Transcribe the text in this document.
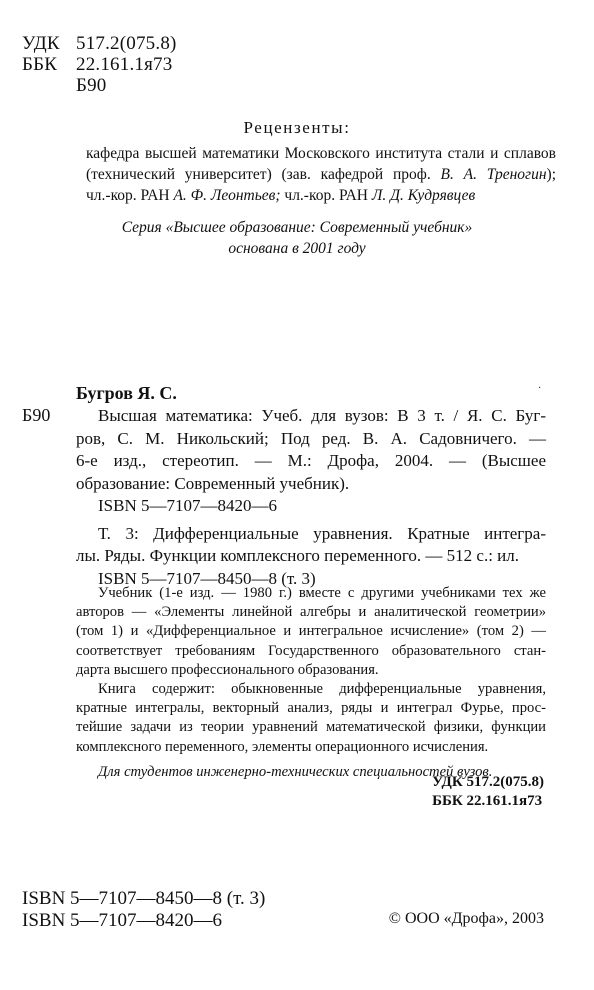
УДК 517.2(075.8)
ББК 22.161.1я73
Б90
Рецензенты:
кафедра высшей математики Московского института стали и сплавов
(технический университет) (зав. кафедрой проф. В. А. Треногин);
чл.-кор. РАН А. Ф. Леонтьев; чл.-кор. РАН Л. Д. Кудрявцев
Серия «Высшее образование: Современный учебник»
основана в 2001 году
Бугров Я. С.	·
Б90	Высшая математика: Учеб. для вузов: В 3 т. / Я. С. Буг-
ров, С. М. Никольский; Под ред. В. А. Садовничего. —
6-е изд., стереотип. — М.: Дрофа, 2004. — (Высшее
образование: Современный учебник).
ISBN 5—7107—8420—6
Т. 3: Дифференциальные уравнения. Кратные интегра-
лы. Ряды. Функции комплексного переменного. — 512 с.: ил.
ISBN 5—7107—8450—8 (т. 3)
Учебник (1-е изд. — 1980 г.) вместе с другими учебниками тех же
авторов — «Элементы линейной алгебры и аналитической геометрии»
(том 1) и «Дифференциальное и интегральное исчисление» (том 2) —
соответствует требованиям Государственного образовательного стан-
дарта высшего профессионального образования.
Книга содержит: обыкновенные дифференциальные уравнения,
кратные интегралы, векторный анализ, ряды и интеграл Фурье, прос-
тейшие задачи из теории уравнений математической физики, функции
комплексного переменного, элементы операционного исчисления.
Для студентов инженерно-технических специальностей вузов.
УДК 517.2(075.8)
ББК 22.161.1я73
ISBN 5—7107—8450—8 (т. 3)
ISBN 5—7107—8420—6	© ООО «Дрофа», 2003
